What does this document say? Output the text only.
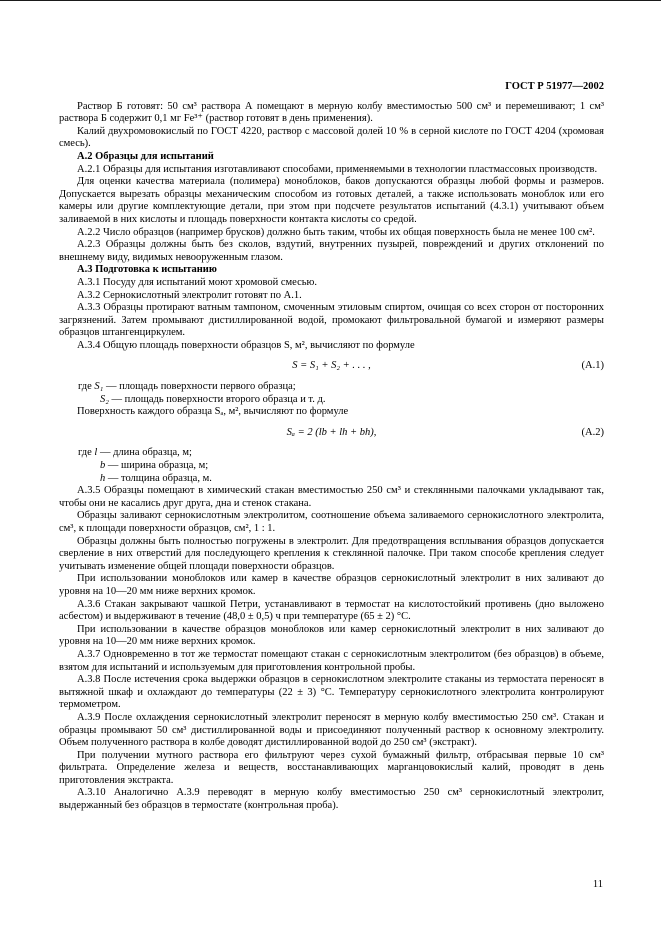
ГОСТ Р 51977—2002

Раствор Б готовят: 50 см³ раствора А помещают в мерную колбу вместимостью 500 см³ и перемешивают; 1 см³ раствора Б содержит 0,1 мг Fe³⁺ (раствор готовят в день применения).

Калий двухромовокислый по ГОСТ 4220, раствор с массовой долей 10 % в серной кислоте по ГОСТ 4204 (хромовая смесь).

А.2 Образцы для испытаний

А.2.1 Образцы для испытания изготавливают способами, применяемыми в технологии пластмассовых производств.

Для оценки качества материала (полимера) моноблоков, баков допускаются образцы любой формы и размеров. Допускается вырезать образцы механическим способом из готовых деталей, а также использовать моноблок или его камеры или другие комплектующие детали, при этом при подсчете результатов испытаний (4.3.1) учитывают объем заливаемой в них кислоты и площадь поверхности контакта кислоты со средой.

А.2.2 Число образцов (например брусков) должно быть таким, чтобы их общая поверхность была не менее 100 см².

А.2.3 Образцы должны быть без сколов, вздутий, внутренних пузырей, повреждений и других отклонений по внешнему виду, видимых невооруженным глазом.

А.3 Подготовка к испытанию

А.3.1 Посуду для испытаний моют хромовой смесью.

А.3.2 Сернокислотный электролит готовят по А.1.

А.3.3 Образцы протирают ватным тампоном, смоченным этиловым спиртом, очищая со всех сторон от посторонних загрязнений. Затем промывают дистиллированной водой, промокают фильтровальной бумагой и измеряют размеры образцов штангенциркулем.

А.3.4 Общую площадь поверхности образцов S, м², вычисляют по формуле

S = S₁ + S₂ + . . . ,	(А.1)
где S₁ — площадь поверхности первого образца;
S₂ — площадь поверхности второго образца и т. д.

Поверхность каждого образца Sₐ, м², вычисляют по формуле

Sₐ = 2 (lb + lh + bh),	(А.2)
где l — длина образца, м;
b — ширина образца, м;
h — толщина образца, м.

А.3.5 Образцы помещают в химический стакан вместимостью 250 см³ и стеклянными палочками укладывают так, чтобы они не касались друг друга, дна и стенок стакана.

Образцы заливают сернокислотным электролитом, соотношение объема заливаемого сернокислотного электролита, см³, к площади поверхности образцов, см², 1 : 1.

Образцы должны быть полностью погружены в электролит. Для предотвращения всплывания образцов допускается сверление в них отверстий для последующего крепления к стеклянной палочке. При таком способе крепления следует учитывать изменение общей площади поверхности образцов.

При использовании моноблоков или камер в качестве образцов сернокислотный электролит в них заливают до уровня на 10—20 мм ниже верхних кромок.

А.3.6 Стакан закрывают чашкой Петри, устанавливают в термостат на кислотостойкий противень (дно выложено асбестом) и выдерживают в течение (48,0 ± 0,5) ч при температуре (65 ± 2) °С.

При использовании в качестве образцов моноблоков или камер сернокислотный электролит в них заливают до уровня на 10—20 мм ниже верхних кромок.

А.3.7 Одновременно в тот же термостат помещают стакан с сернокислотным электролитом (без образцов) в объеме, взятом для испытаний и используемым для приготовления контрольной пробы.

А.3.8 После истечения срока выдержки образцов в сернокислотном электролите стаканы из термостата переносят в вытяжной шкаф и охлаждают до температуры (22 ± 3) °С. Температуру сернокислотного электролита контролируют термометром.

А.3.9 После охлаждения сернокислотный электролит переносят в мерную колбу вместимостью 250 см³. Стакан и образцы промывают 50 см³ дистиллированной воды и присоединяют полученный раствор к основному электролиту. Объем полученного раствора в колбе доводят дистиллированной водой до 250 см³ (экстракт).

При получении мутного раствора его фильтруют через сухой бумажный фильтр, отбрасывая первые 10 см³ фильтрата. Определение железа и веществ, восстанавливающих марганцовокислый калий, проводят в день приготовления экстракта.

А.3.10 Аналогично А.3.9 переводят в мерную колбу вместимостью 250 см³ сернокислотный электролит, выдержанный без образцов в термостате (контрольная проба).

11
